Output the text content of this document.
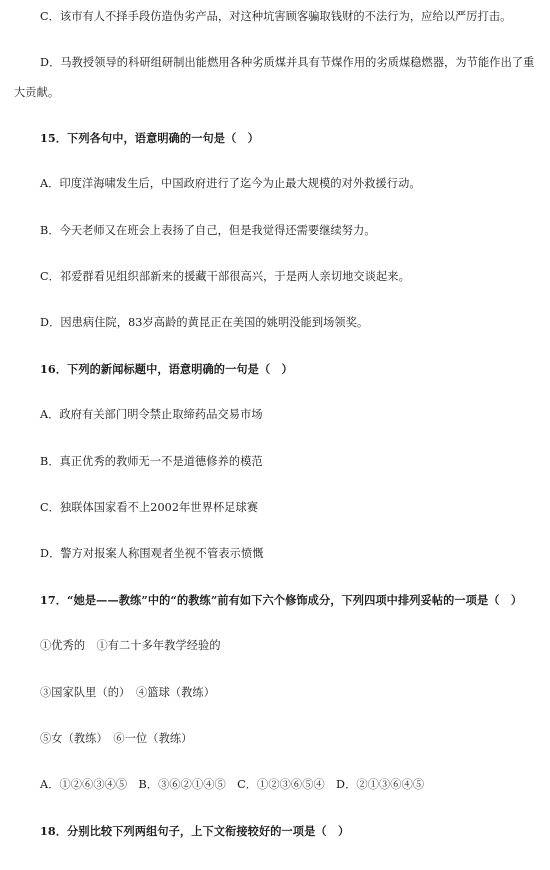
C．该市有人不择手段仿造伪劣产品，对这种坑害顾客骗取钱财的不法行为，应给以严厉打击。
D．马教授领导的科研组研制出能燃用各种劣质煤并具有节煤作用的劣质煤稳燃器，为节能作出了重
大贡献。
15．下列各句中，语意明确的一句是（　）
A．印度洋海啸发生后，中国政府进行了迄今为止最大规模的对外救援行动。
B．今天老师又在班会上表扬了自己，但是我觉得还需要继续努力。
C．祁爱群看见组织部新来的援藏干部很高兴，于是两人亲切地交谈起来。
D．因患病住院，83岁高龄的黄昆正在美国的姚明没能到场领奖。
16．下列的新闻标题中，语意明确的一句是（　）
A．政府有关部门明令禁止取缔药品交易市场
B．真正优秀的教师无一不是道德修养的模范
C．独联体国家看不上2002年世界杯足球赛
D．警方对报案人称围观者坐视不管表示愤慨
17．“她是——教练”中的“的教练”前有如下六个修饰成分，下列四项中排列妥帖的一项是（　）
①优秀的　①有二十多年教学经验的
③国家队里（的）　④篮球（教练）
⑤女（教练）　⑥一位（教练）
A．①②⑥③④⑤　B．③⑥②①④⑤　C．①②③⑥⑤④　D．②①③⑥④⑤
18．分别比较下列两组句子，上下文衔接较好的一项是（　）
